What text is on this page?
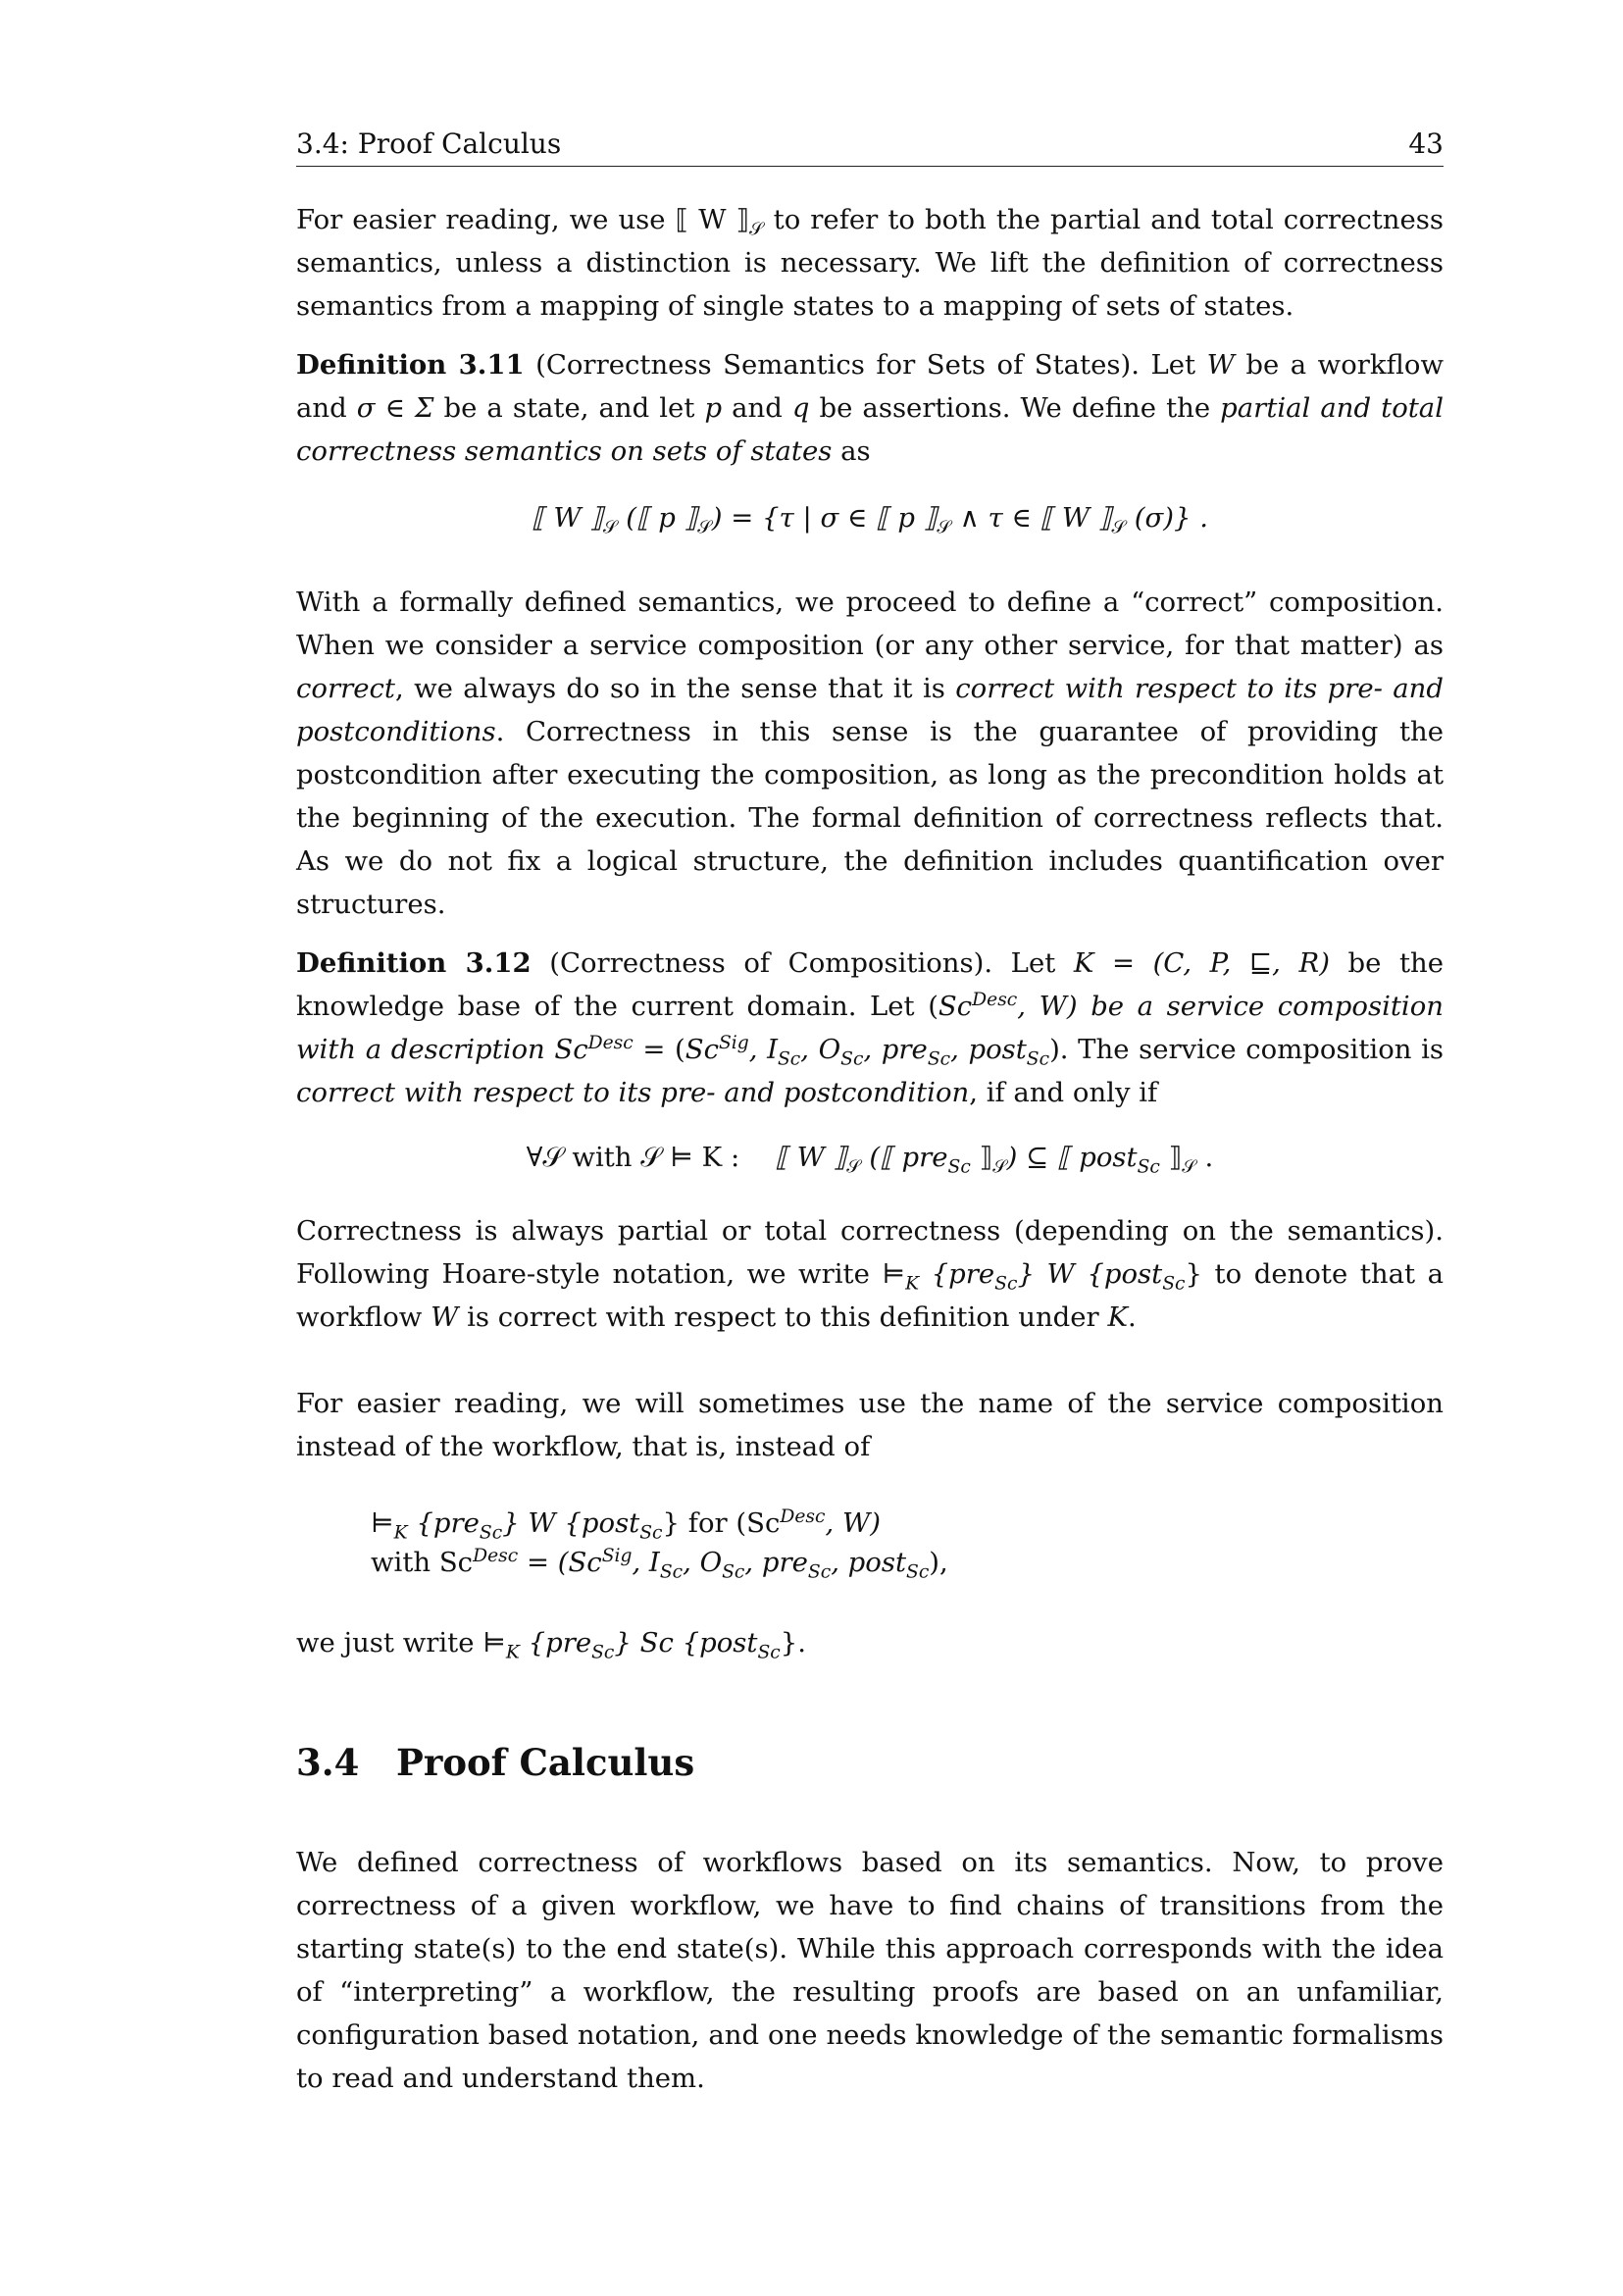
3.4: Proof Calculus	43

For easier reading, we use ⟦ W $⟧_𝒮$ to refer to both the partial and total correctness semantics, unless a distinction is necessary. We lift the definition of correctness semantics from a mapping of single states to a mapping of sets of states.

Definition 3.11 (Correctness Semantics for Sets of States). Let W be a workflow and σ ∈ Σ be a state, and let p and q be assertions. We define the partial and total correctness semantics on sets of states as

⟦ W $⟧_𝒮$ (⟦ p $⟧_𝒮) = \{\tau$ | σ ∈ ⟦ p $⟧_𝒮$ ∧ τ ∈ ⟦ W $⟧_𝒮$ (σ)} .

With a formally defined semantics, we proceed to define a “correct” composition. When we consider a service composition (or any other service, for that matter) as correct, we always do so in the sense that it is correct with respect to its pre- and postconditions. Correctness in this sense is the guarantee of providing the postcondition after executing the composition, as long as the precondition holds at the beginning of the execution. The formal definition of correctness reflects that. As we do not fix a logical structure, the definition includes quantification over structures.

Definition 3.12 (Correctness of Compositions). Let K = (C, P, ⊑, R) be the knowledge base of the current domain. Let ($Sc^{Desc}$, W) be a service composition with a description $Sc^{Desc} = (Sc^{Sig}$, $I_{Sc}$, $O_{Sc}$, pre$_{Sc}$, post$_{Sc}$). The service composition is correct with respect to its pre- and postcondition, if and only if

∀𝒮 with 𝒮 ⊨ K : ⟦ W $⟧_𝒮$ (⟦ pre$_{Sc}$ $⟧_𝒮$) ⊆ ⟦ post$_{Sc}$ $⟧_𝒮$ .

Correctness is always partial or total correctness (depending on the semantics). Following Hoare-style notation, we write $⊨_K$ {pre$_{Sc}$} W {post$_{Sc}$} to denote that a workflow W is correct with respect to this definition under K.

For easier reading, we will sometimes use the name of the service composition instead of the workflow, that is, instead of

$⊨_K$ {pre$_{Sc}$} W {post$_{Sc}$} for ($Sc^{Desc}$, W)
with $Sc^{Desc} = (Sc^{Sig}$, $I_{Sc}$, $O_{Sc}$, pre$_{Sc}$, post$_{Sc}$),

we just write $⊨_K$ {pre$_{Sc}$} Sc {post$_{Sc}$}.

3.4 Proof Calculus

We defined correctness of workflows based on its semantics. Now, to prove correctness of a given workflow, we have to find chains of transitions from the starting state(s) to the end state(s). While this approach corresponds with the idea of “interpreting” a workflow, the resulting proofs are based on an unfamiliar, configuration based notation, and one needs knowledge of the semantic formalisms to read and understand them.
